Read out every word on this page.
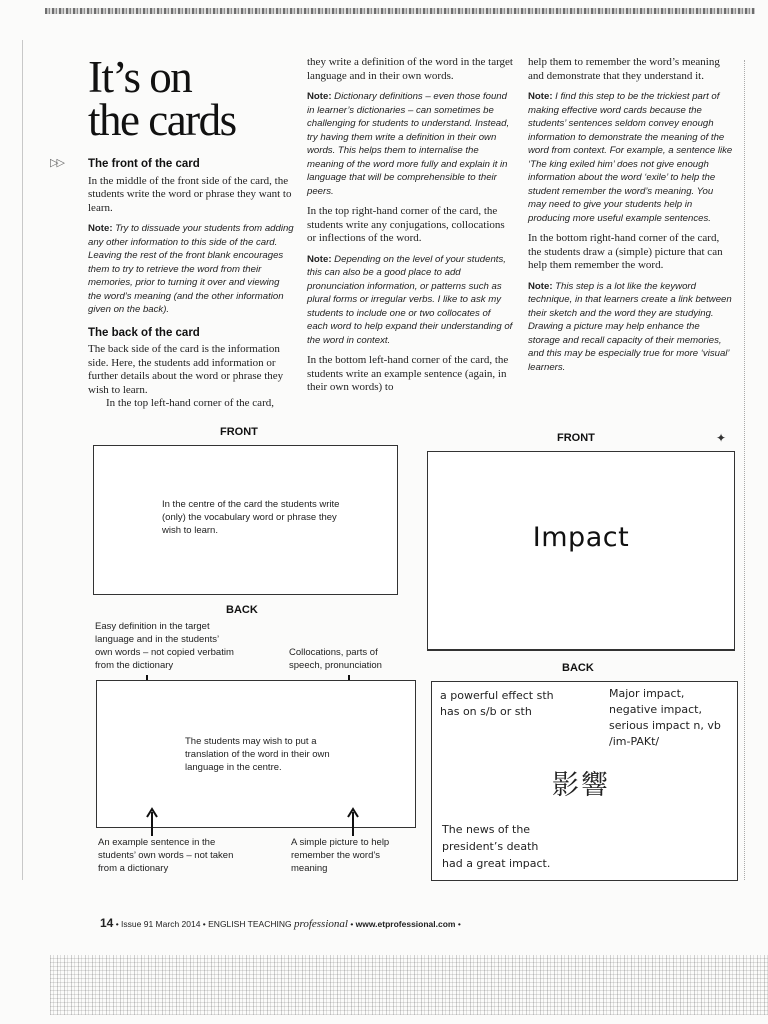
It’s on
the cards
▷▷ The front of the card

In the middle of the front side of the card, the students write the word or phrase they want to learn.

Note: Try to dissuade your students from adding any other information to this side of the card. Leaving the rest of the front blank encourages them to try to retrieve the word from their memories, prior to turning it over and viewing the word’s meaning (and the other information given on the back).

The back of the card

The back side of the card is the information side. Here, the students add information or further details about the word or phrase they wish to learn.

In the top left-hand corner of the card,

they write a definition of the word in the target language and in their own words.

Note: Dictionary definitions – even those found in learner’s dictionaries – can sometimes be challenging for students to understand. Instead, try having them write a definition in their own words. This helps them to internalise the meaning of the word more fully and explain it in language that will be comprehensible to their peers.

In the top right-hand corner of the card, the students write any conjugations, collocations or inflections of the word.

Note: Depending on the level of your students, this can also be a good place to add pronunciation information, or patterns such as plural forms or irregular verbs. I like to ask my students to include one or two collocates of each word to help expand their understanding of the word in context.

In the bottom left-hand corner of the card, the students write an example sentence (again, in their own words) to

help them to remember the word’s meaning and demonstrate that they understand it.

Note: I find this step to be the trickiest part of making effective word cards because the students’ sentences seldom convey enough information to demonstrate the meaning of the word from context. For example, a sentence like ‘The king exiled him’ does not give enough information about the word ‘exile’ to help the student remember the word’s meaning. You may need to give your students help in producing more useful example sentences.

In the bottom right-hand corner of the card, the students draw a (simple) picture that can help them remember the word.

Note: This step is a lot like the keyword technique, in that learners create a link between their sketch and the word they are studying. Drawing a picture may help enhance the storage and recall capacity of their memories, and this may be especially true for more ‘visual’ learners.

FRONT
In the centre of the card the students write (only) the vocabulary word or phrase they wish to learn.
BACK
Easy definition in the target language and in the students’ own words – not copied verbatim from the dictionary
Collocations, parts of speech, pronunciation
The students may wish to put a translation of the word in their own language in the centre.
An example sentence in the students’ own words – not taken from a dictionary
A simple picture to help remember the word’s meaning
FRONT	✦
Impact
BACK
a powerful effect sth
has on s/b or sth
Major impact,
negative impact,
serious impact n, vb
/im-PAKt/
影響
The news of the
president’s death
had a great impact.
14 • Issue 91 March 2014 • ENGLISH TEACHING professional • www.etprofessional.com •
